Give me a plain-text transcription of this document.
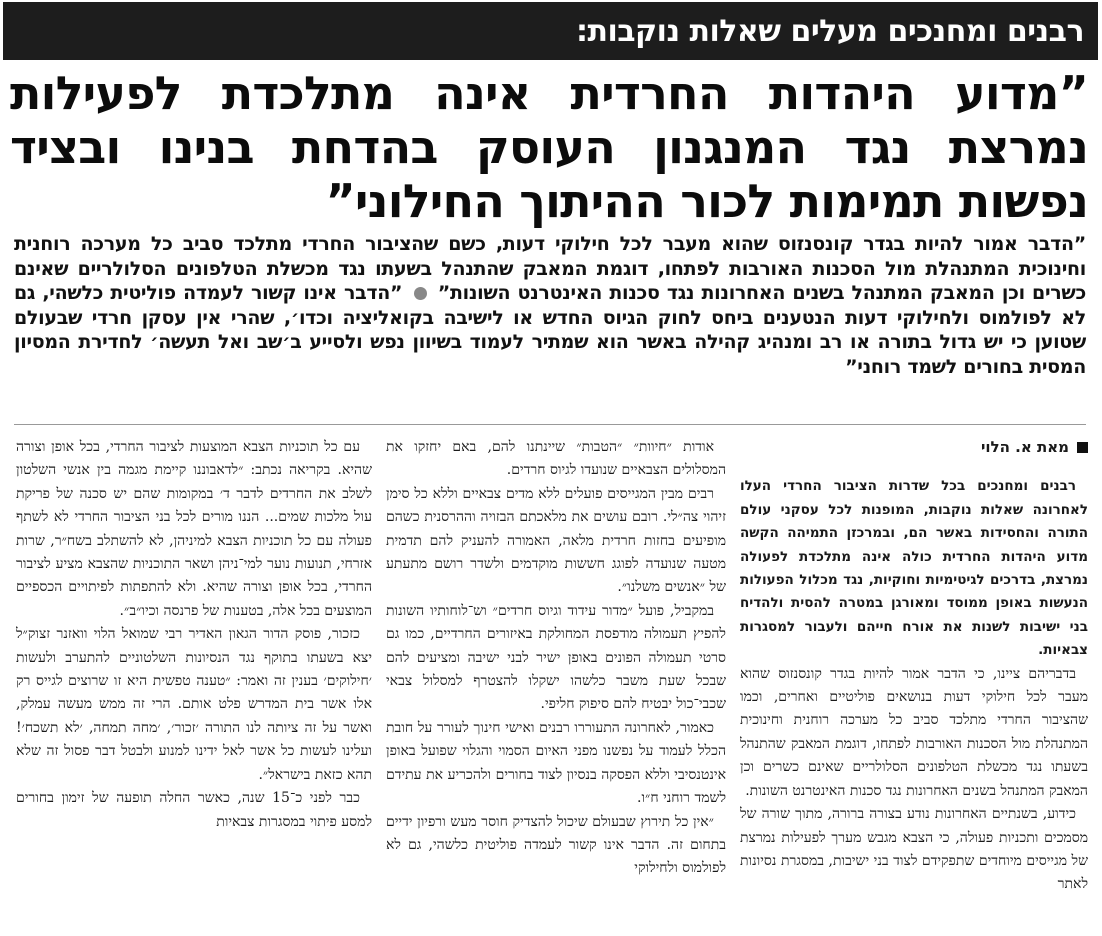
רבנים ומחנכים מעלים שאלות נוקבות:
”מדוע היהדות החרדית אינה מתלכדת לפעילות נמרצת נגד המנגנון העוסק בהדחת בנינו ובציד נפשות תמימות לכור ההיתוך החילוני”
”הדבר אמור להיות בגדר קונסנזוס שהוא מעבר לכל חילוקי דעות, כשם שהציבור החרדי מתלכד סביב כל מערכה רוחנית וחינוכית המתנהלת מול הסכנות האורבות לפתחו, דוגמת המאבק שהתנהל בשעתו נגד מכשלת הטלפונים הסלולריים שאינם כשרים וכן המאבק המתנהל בשנים האחרונות נגד סכנות האינטרנט השונות”  ”הדבר אינו קשור לעמדה פוליטית כלשהי, גם לא לפולמוס ולחילוקי דעות הנטענים ביחס לחוק הגיוס החדש או לישיבה בקואליציה וכדו׳, שהרי אין עסקן חרדי שבעולם שטוען כי יש גדול בתורה או רב ומנהיג קהילה באשר הוא שמתיר לעמוד בשיוון נפש ולסייע ב׳שב ואל תעשה׳ לחדירת המסיון המסית בחורים לשמד רוחני”
מאת א. הלוי

רבנים ומחנכים בכל שדרות הציבור החרדי העלו לאחרונה שאלות נוקבות, המופנות לכל עסקני עולם התורה והחסידות באשר הם, ובמרכזן התמיהה הקשה מדוע היהדות החרדית כולה אינה מתלכדת לפעולה נמרצת, בדרכים לגיטימיות וחוקיות, נגד מכלול הפעולות הנעשות באופן ממוסד ומאורגן במטרה להסית ולהדיח בני ישיבות לשנות את אורח חייהם ולעבור למסגרות צבאיות.

בדבריהם ציינו, כי הדבר אמור להיות בגדר קונסנזוס שהוא מעבר לכל חילוקי דעות בנושאים פוליטיים ואחרים, וכמו שהציבור החרדי מתלכד סביב כל מערכה רוחנית וחינוכית המתנהלת מול הסכנות האורבות לפתחו, דוגמת המאבק שהתנהל בשעתו נגד מכשלת הטלפונים הסלולריים שאינם כשרים וכן המאבק המתנהל בשנים האחרונות נגד סכנות האינטרנט השונות.

כידוע, בשנתיים האחרונות נודע בצורה ברורה, מתוך שורה של מסמכים ותכניות פעולה, כי הצבא מגבש מערך לפעילות נמרצת של מגייסים מיוחדים שתפקידם לצוד בני ישיבות, במסגרת נסיונות לאתר

אודות ״חיוות״ ״הטבות״ שיינתנו להם, באם יחזקו את המסלולים הצבאיים שנועדו לגיוס חרדים.

רבים מבין המגייסים פועלים ללא מדים צבאיים וללא כל סימן זיהוי צה״לי. רובם עושים את מלאכתם הבזויה וההרסנית כשהם מופיעים בחזות חרדית מלאה, האמורה להעניק להם תדמית מטעה שנועדה לפוגג חששות מוקדמים ולשדר רושם מתעתע של ״אנשים משלנו״.

במקביל, פועל ״מדור עידוד וגיוס חרדים״ וש־לוחותיו השונות להפיץ תעמולה מודפסת המחולקת באיזורים החרדיים, כמו גם סרטי תעמולה הפונים באופן ישיר לבני ישיבה ומציעים להם שבכל שעת משבר כלשהו ישקלו להצטרף למסלול צבאי שכבי־כול יבטיח להם סיפוק חליפי.

כאמור, לאחרונה התעוררו רבנים ואישי חינוך לעורר על חובת הכלל לעמוד על נפשנו מפני האיום הסמוי והגלוי שפועל באופן אינטנסיבי וללא הפסקה בנסיון לצוד בחורים ולהכריע את עתידם לשמד רוחני ח״ו.

״אין כל תירוץ שבעולם שיכול להצדיק חוסר מעש ורפיון ידיים בתחום זה. הדבר אינו קשור לעמדה פוליטית כלשהי, גם לא לפולמוס ולחילוקי

עם כל תוכניות הצבא המוצעות לציבור החרדי, בכל אופן וצורה שהיא. בקריאה נכתב: ״לדאבוננו קיימת מגמה בין אנשי השלטון לשלב את החרדים לדבר ד׳ במקומות שהם יש סכנה של פריקת עול מלכות שמים... הננו מורים לכל בני הציבור החרדי לא לשתף פעולה עם כל תוכניות הצבא למיניהן, לא להשתלב בשח״ר, שרות אזרחי, תנועות נוער למי־ניהן ושאר התוכניות שהצבא מציע לציבור החרדי, בכל אופן וצורה שהיא. ולא להתפתות לפיתויים הכספיים המוצעים בכל אלה, בטענות של פרנסה וכיו״ב״.

כזכור, פוסק הדור הגאון האדיר רבי שמואל הלוי וואזנר זצוק״ל יצא בשעתו בתוקף נגד הנסיונות השלטוניים להתערב ולעשות ׳חילוקים׳ בענין זה ואמר: ״טענה טפשית היא זו שרוצים לגייס רק אלו אשר בית המדרש פלט אותם. הרי זה ממש מעשה עמלק, ואשר על זה ציותה לנו התורה ׳זכור׳, ׳מחה תמחה, ׳לא תשכח׳! ועלינו לעשות כל אשר לאל ידינו למנוע ולבטל דבר פסול זה שלא תהא כזאת בישראל״.

כבר לפני כ־15 שנה, כאשר החלה תופעה של זימון בחורים למסע פיתוי במסגרות צבאיות
